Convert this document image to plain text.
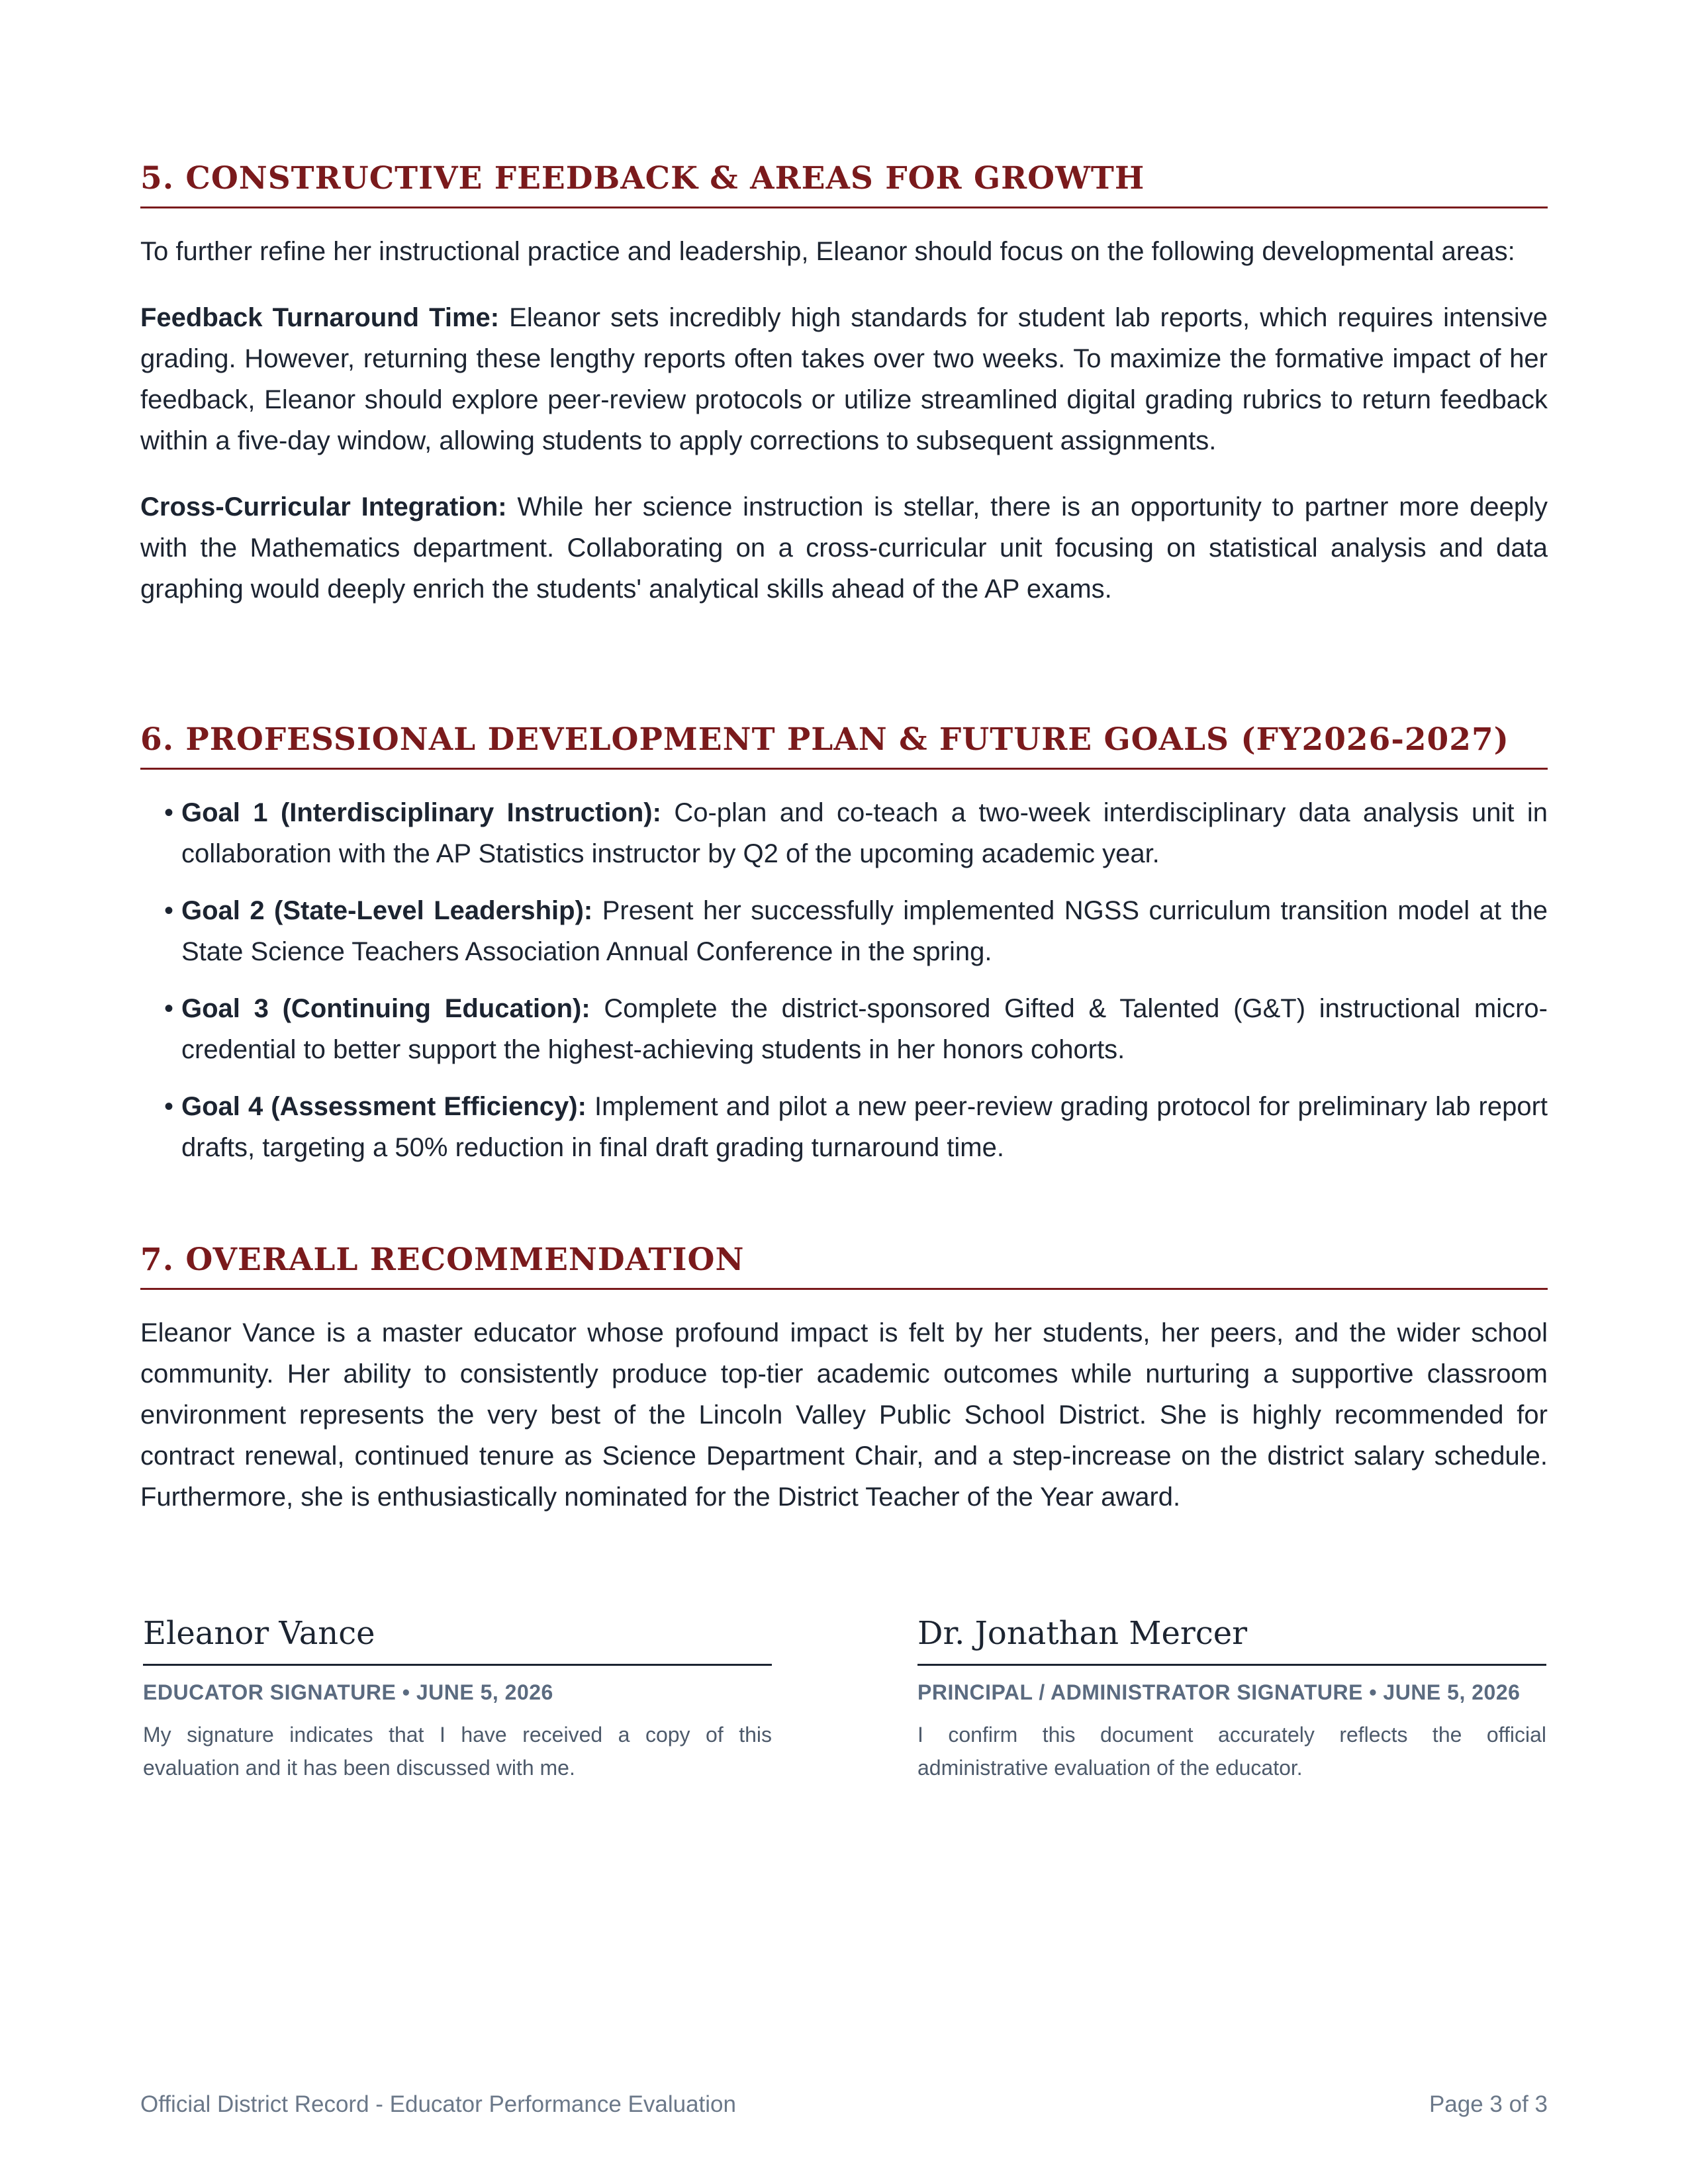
5. CONSTRUCTIVE FEEDBACK & AREAS FOR GROWTH

To further refine her instructional practice and leadership, Eleanor should focus on the following developmental areas:

Feedback Turnaround Time: Eleanor sets incredibly high standards for student lab reports, which requires intensive grading. However, returning these lengthy reports often takes over two weeks. To maximize the formative impact of her feedback, Eleanor should explore peer-review protocols or utilize streamlined digital grading rubrics to return feedback within a five-day window, allowing students to apply corrections to subsequent assignments.

Cross-Curricular Integration: While her science instruction is stellar, there is an opportunity to partner more deeply with the Mathematics department. Collaborating on a cross-curricular unit focusing on statistical analysis and data graphing would deeply enrich the students' analytical skills ahead of the AP exams.

6. PROFESSIONAL DEVELOPMENT PLAN & FUTURE GOALS (FY2026-2027)
• Goal 1 (Interdisciplinary Instruction): Co-plan and co-teach a two-week interdisciplinary data analysis unit in collaboration with the AP Statistics instructor by Q2 of the upcoming academic year.
• Goal 2 (State-Level Leadership): Present her successfully implemented NGSS curriculum transition model at the State Science Teachers Association Annual Conference in the spring.
• Goal 3 (Continuing Education): Complete the district-sponsored Gifted & Talented (G&T) instructional micro-credential to better support the highest-achieving students in her honors cohorts.
• Goal 4 (Assessment Efficiency): Implement and pilot a new peer-review grading protocol for preliminary lab report drafts, targeting a 50% reduction in final draft grading turnaround time.
7. OVERALL RECOMMENDATION

Eleanor Vance is a master educator whose profound impact is felt by her students, her peers, and the wider school community. Her ability to consistently produce top-tier academic outcomes while nurturing a supportive classroom environment represents the very best of the Lincoln Valley Public School District. She is highly recommended for contract renewal, continued tenure as Science Department Chair, and a step-increase on the district salary schedule. Furthermore, she is enthusiastically nominated for the District Teacher of the Year award.

Eleanor Vance
EDUCATOR SIGNATURE • JUNE 5, 2026
My signature indicates that I have received a copy of this evaluation and it has been discussed with me.
Dr. Jonathan Mercer
PRINCIPAL / ADMINISTRATOR SIGNATURE • JUNE 5, 2026
I confirm this document accurately reflects the official administrative evaluation of the educator.
Official District Record - Educator Performance Evaluation	Page 3 of 3
